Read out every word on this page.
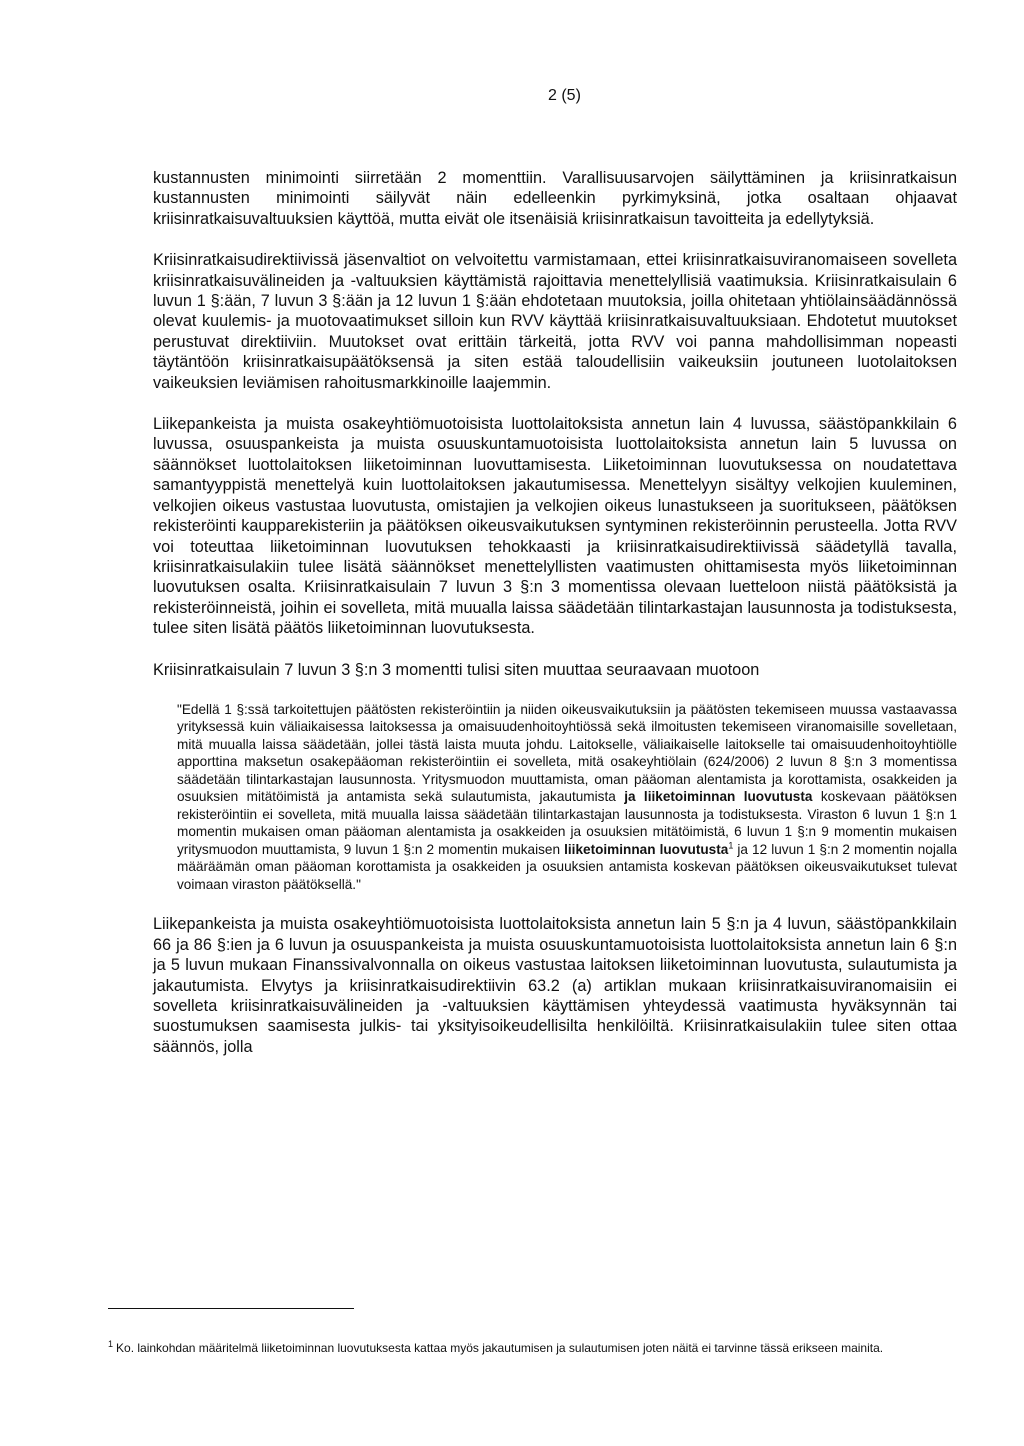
2 (5)

kustannusten minimointi siirretään 2 momenttiin. Varallisuusarvojen säilyttäminen ja kriisinratkaisun kustannusten minimointi säilyvät näin edelleenkin pyrkimyksinä, jotka osaltaan ohjaavat kriisinratkaisuvaltuuksien käyttöä, mutta eivät ole itsenäisiä kriisinratkaisun tavoitteita ja edellytyksiä.

Kriisinratkaisudirektiivissä jäsenvaltiot on velvoitettu varmistamaan, ettei kriisinratkaisuviranomaiseen sovelleta kriisinratkaisuvälineiden ja -valtuuksien käyttämistä rajoittavia menettelyllisiä vaatimuksia. Kriisinratkaisulain 6 luvun 1 §:ään, 7 luvun 3 §:ään ja 12 luvun 1 §:ään ehdotetaan muutoksia, joilla ohitetaan yhtiölainsäädännössä olevat kuulemis- ja muotovaatimukset silloin kun RVV käyttää kriisinratkaisuvaltuuksiaan. Ehdotetut muutokset perustuvat direktiiviin. Muutokset ovat erittäin tärkeitä, jotta RVV voi panna mahdollisimman nopeasti täytäntöön kriisinratkaisupäätöksensä ja siten estää taloudellisiin vaikeuksiin joutuneen luotolaitoksen vaikeuksien leviämisen rahoitusmarkkinoille laajemmin.

Liikepankeista ja muista osakeyhtiömuotoisista luottolaitoksista annetun lain 4 luvussa, säästöpankkilain 6 luvussa, osuuspankeista ja muista osuuskuntamuotoisista luottolaitoksista annetun lain 5 luvussa on säännökset luottolaitoksen liiketoiminnan luovuttamisesta. Liiketoiminnan luovutuksessa on noudatettava samantyyppistä menettelyä kuin luottolaitoksen jakautumisessa. Menettelyyn sisältyy velkojien kuuleminen, velkojien oikeus vastustaa luovutusta, omistajien ja velkojien oikeus lunastukseen ja suoritukseen, päätöksen rekisteröinti kaupparekisteriin ja päätöksen oikeusvaikutuksen syntyminen rekisteröinnin perusteella. Jotta RVV voi toteuttaa liiketoiminnan luovutuksen tehokkaasti ja kriisinratkaisudirektiivissä säädetyllä tavalla, kriisinratkaisulakiin tulee lisätä säännökset menettelyllisten vaatimusten ohittamisesta myös liiketoiminnan luovutuksen osalta. Kriisinratkaisulain 7 luvun 3 §:n 3 momentissa olevaan luetteloon niistä päätöksistä ja rekisteröinneistä, joihin ei sovelleta, mitä muualla laissa säädetään tilintarkastajan lausunnosta ja todistuksesta, tulee siten lisätä päätös liiketoiminnan luovutuksesta.

Kriisinratkaisulain 7 luvun 3 §:n 3 momentti tulisi siten muuttaa seuraavaan muotoon

"Edellä 1 §:ssä tarkoitettujen päätösten rekisteröintiin ja niiden oikeusvaikutuksiin ja päätösten tekemiseen muussa vastaavassa yrityksessä kuin väliaikaisessa laitoksessa ja omaisuudenhoitoyhtiössä sekä ilmoitusten tekemiseen viranomaisille sovelletaan, mitä muualla laissa säädetään, jollei tästä laista muuta johdu. Laitokselle, väliaikaiselle laitokselle tai omaisuudenhoitoyhtiölle apporttina maksetun osakepääoman rekisteröintiin ei sovelleta, mitä osakeyhtiölain (624/2006) 2 luvun 8 §:n 3 momentissa säädetään tilintarkastajan lausunnosta. Yritysmuodon muuttamista, oman pääoman alentamista ja korottamista, osakkeiden ja osuuksien mitätöimistä ja antamista sekä sulautumista, jakautumista ja liiketoiminnan luovutusta koskevaan päätöksen rekisteröintiin ei sovelleta, mitä muualla laissa säädetään tilintarkastajan lausunnosta ja todistuksesta. Viraston 6 luvun 1 §:n 1 momentin mukaisen oman pääoman alentamista ja osakkeiden ja osuuksien mitätöimistä, 6 luvun 1 §:n 9 momentin mukaisen yritysmuodon muuttamista, 9 luvun 1 §:n 2 momentin mukaisen liiketoiminnan luovutusta$^1$ ja 12 luvun 1 §:n 2 momentin nojalla määräämän oman pääoman korottamista ja osakkeiden ja osuuksien antamista koskevan päätöksen oikeusvaikutukset tulevat voimaan viraston päätöksellä."

Liikepankeista ja muista osakeyhtiömuotoisista luottolaitoksista annetun lain 5 §:n ja 4 luvun, säästöpankkilain 66 ja 86 §:ien ja 6 luvun ja osuuspankeista ja muista osuuskuntamuotoisista luottolaitoksista annetun lain 6 §:n ja 5 luvun mukaan Finanssivalvonnalla on oikeus vastustaa laitoksen liiketoiminnan luovutusta, sulautumista ja jakautumista. Elvytys ja kriisinratkaisudirektiivin 63.2 (a) artiklan mukaan kriisinratkaisuviranomaisiin ei sovelleta kriisinratkaisuvälineiden ja -valtuuksien käyttämisen yhteydessä vaatimusta hyväksynnän tai suostumuksen saamisesta julkis- tai yksityisoikeudellisilta henkilöiltä. Kriisinratkaisulakiin tulee siten ottaa säännös, jolla

$^1$ Ko. lainkohdan määritelmä liiketoiminnan luovutuksesta kattaa myös jakautumisen ja sulautumisen joten näitä ei tarvinne tässä erikseen mainita.
